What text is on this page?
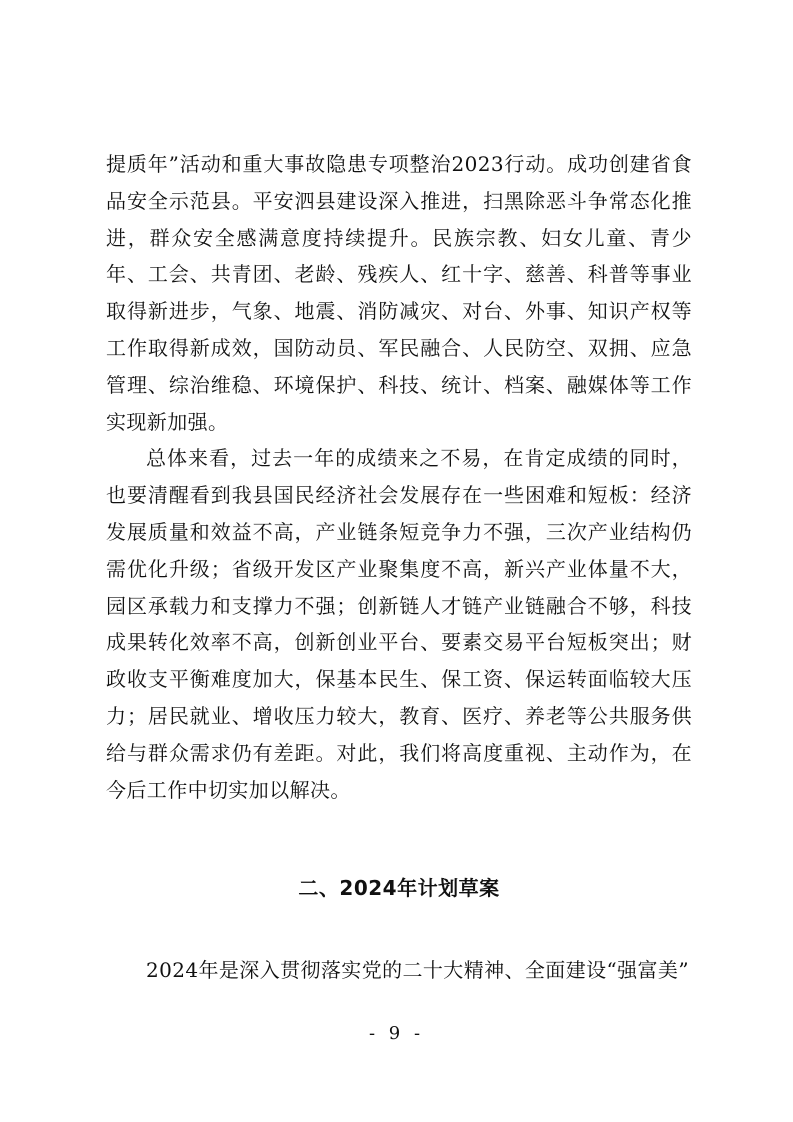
提质年”活动和重大事故隐患专项整治2023行动。成功创建省食品安全示范县。平安泗县建设深入推进，扫黑除恶斗争常态化推进，群众安全感满意度持续提升。民族宗教、妇女儿童、青少年、工会、共青团、老龄、残疾人、红十字、慈善、科普等事业取得新进步，气象、地震、消防减灾、对台、外事、知识产权等工作取得新成效，国防动员、军民融合、人民防空、双拥、应急管理、综治维稳、环境保护、科技、统计、档案、融媒体等工作实现新加强。

总体来看，过去一年的成绩来之不易，在肯定成绩的同时，也要清醒看到我县国民经济社会发展存在一些困难和短板：经济发展质量和效益不高，产业链条短竞争力不强，三次产业结构仍需优化升级；省级开发区产业聚集度不高，新兴产业体量不大，园区承载力和支撑力不强；创新链人才链产业链融合不够，科技成果转化效率不高，创新创业平台、要素交易平台短板突出；财政收支平衡难度加大，保基本民生、保工资、保运转面临较大压力；居民就业、增收压力较大，教育、医疗、养老等公共服务供给与群众需求仍有差距。对此，我们将高度重视、主动作为，在今后工作中切实加以解决。

二、2024年计划草案

2024年是深入贯彻落实党的二十大精神、全面建设“强富美”

- 9 -
